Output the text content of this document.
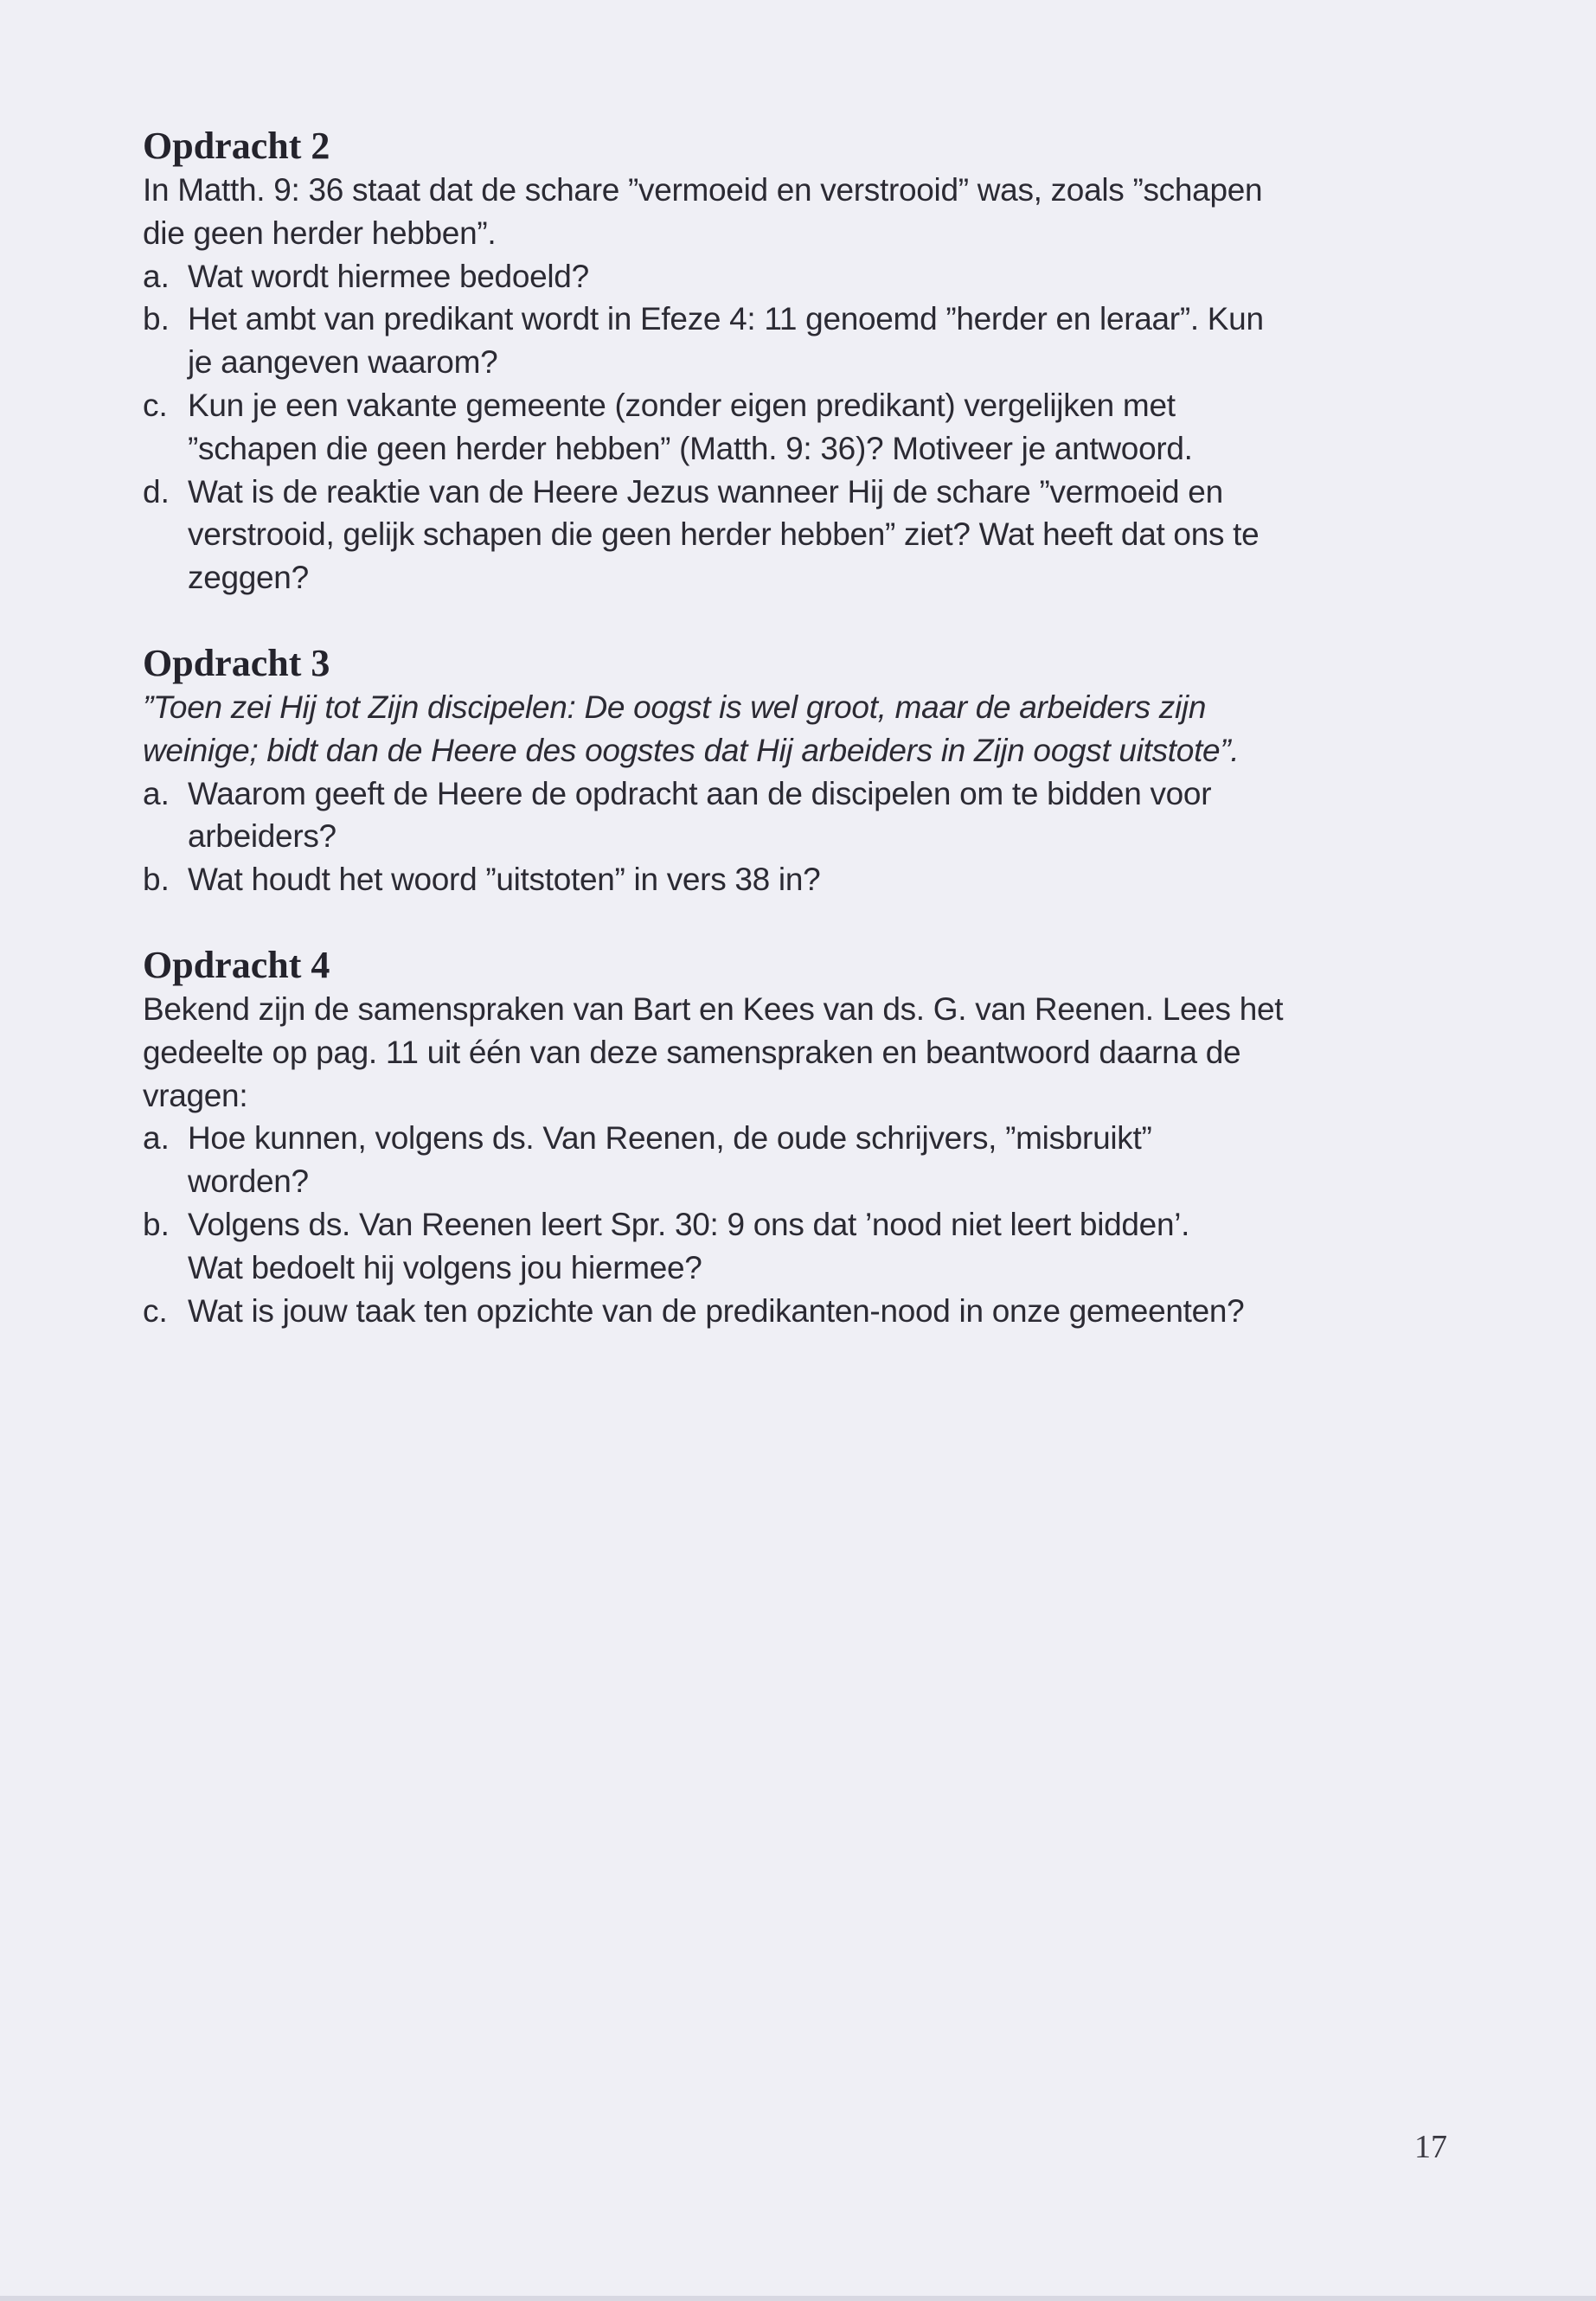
Opdracht 2
In Matth. 9: 36 staat dat de schare ”vermoeid en verstrooid” was, zoals ”schapen
die geen herder hebben”.
a. Wat wordt hiermee bedoeld?
b. Het ambt van predikant wordt in Efeze 4: 11 genoemd ”herder en leraar”. Kun
je aangeven waarom?
c. Kun je een vakante gemeente (zonder eigen predikant) vergelijken met
”schapen die geen herder hebben” (Matth. 9: 36)? Motiveer je antwoord.
d. Wat is de reaktie van de Heere Jezus wanneer Hij de schare ”vermoeid en
verstrooid, gelijk schapen die geen herder hebben” ziet? Wat heeft dat ons te
zeggen?
Opdracht 3
”Toen zei Hij tot Zijn discipelen: De oogst is wel groot, maar de arbeiders zijn
weinige; bidt dan de Heere des oogstes dat Hij arbeiders in Zijn oogst uitstote”.
a. Waarom geeft de Heere de opdracht aan de discipelen om te bidden voor
arbeiders?
b. Wat houdt het woord ”uitstoten” in vers 38 in?
Opdracht 4
Bekend zijn de samenspraken van Bart en Kees van ds. G. van Reenen. Lees het
gedeelte op pag. 11 uit één van deze samenspraken en beantwoord daarna de
vragen:
a. Hoe kunnen, volgens ds. Van Reenen, de oude schrijvers, ”misbruikt”
worden?
b. Volgens ds. Van Reenen leert Spr. 30: 9 ons dat ’nood niet leert bidden’.
Wat bedoelt hij volgens jou hiermee?
c. Wat is jouw taak ten opzichte van de predikanten-nood in onze gemeenten?
17
